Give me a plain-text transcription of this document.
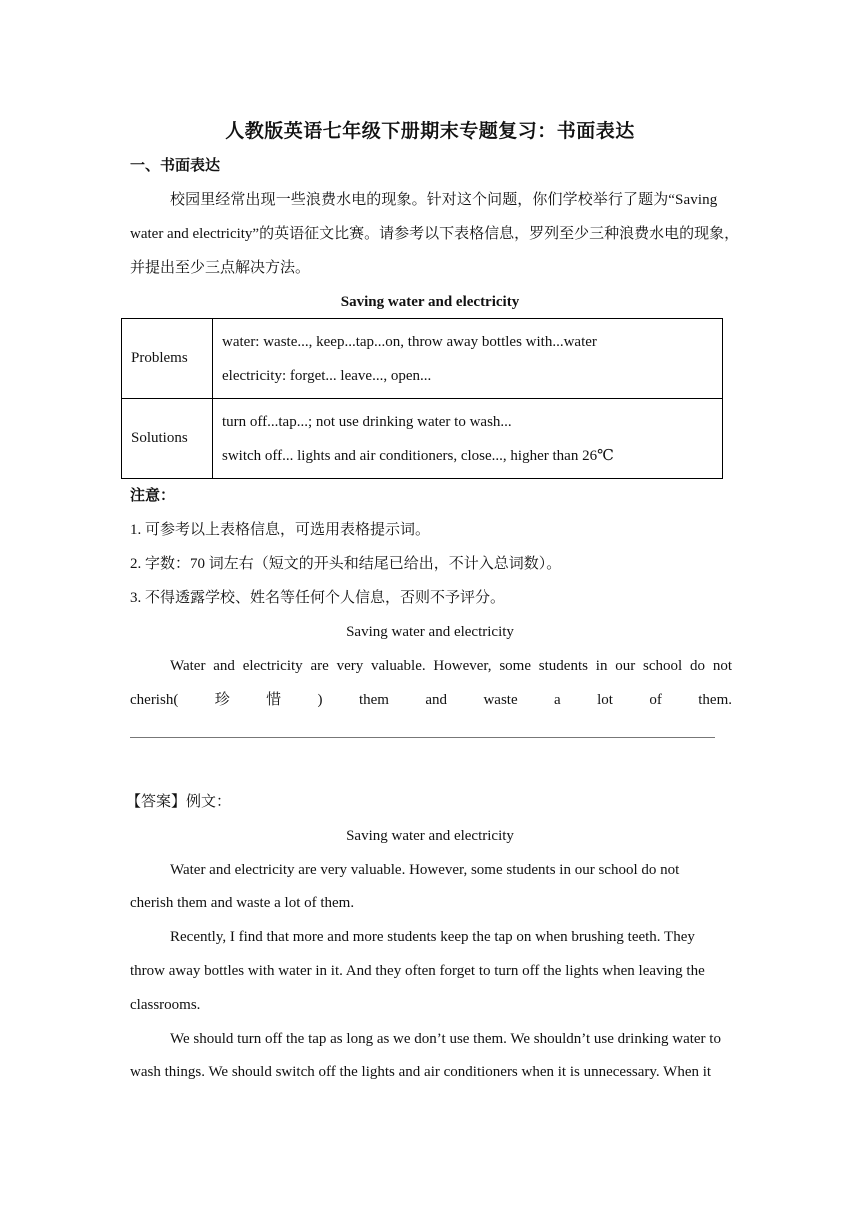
人教版英语七年级下册期末专题复习：书面表达
一、书面表达
校园里经常出现一些浪费水电的现象。针对这个问题，你们学校举行了题为“Saving
water and electricity”的英语征文比赛。请参考以下表格信息，罗列至少三种浪费水电的现象，
并提出至少三点解决方法。
Saving water and electricity
Problems	water: waste..., keep...tap...on, throw away bottles with...water
electricity: forget... leave..., open...

Solutions	turn off...tap...; not use drinking water to wash...
switch off... lights and air conditioners, close..., higher than 26℃
注意：
1. 可参考以上表格信息，可选用表格提示词。
2. 字数：70 词左右（短文的开头和结尾已给出，不计入总词数）。
3. 不得透露学校、姓名等任何个人信息，否则不予评分。
Saving water and electricity
Water and electricity are very valuable. However, some students in our school do not
cherish(　　珍　　惜　　)　　them　　and　　waste　　a　　lot　　of　　them.
【答案】例文：
Saving water and electricity
Water and electricity are very valuable. However, some students in our school do not
cherish them and waste a lot of them.
Recently, I find that more and more students keep the tap on when brushing teeth. They
throw away bottles with water in it. And they often forget to turn off the lights when leaving the
classrooms.
We should turn off the tap as long as we don’t use them. We shouldn’t use drinking water to
wash things. We should switch off the lights and air conditioners when it is unnecessary. When it
